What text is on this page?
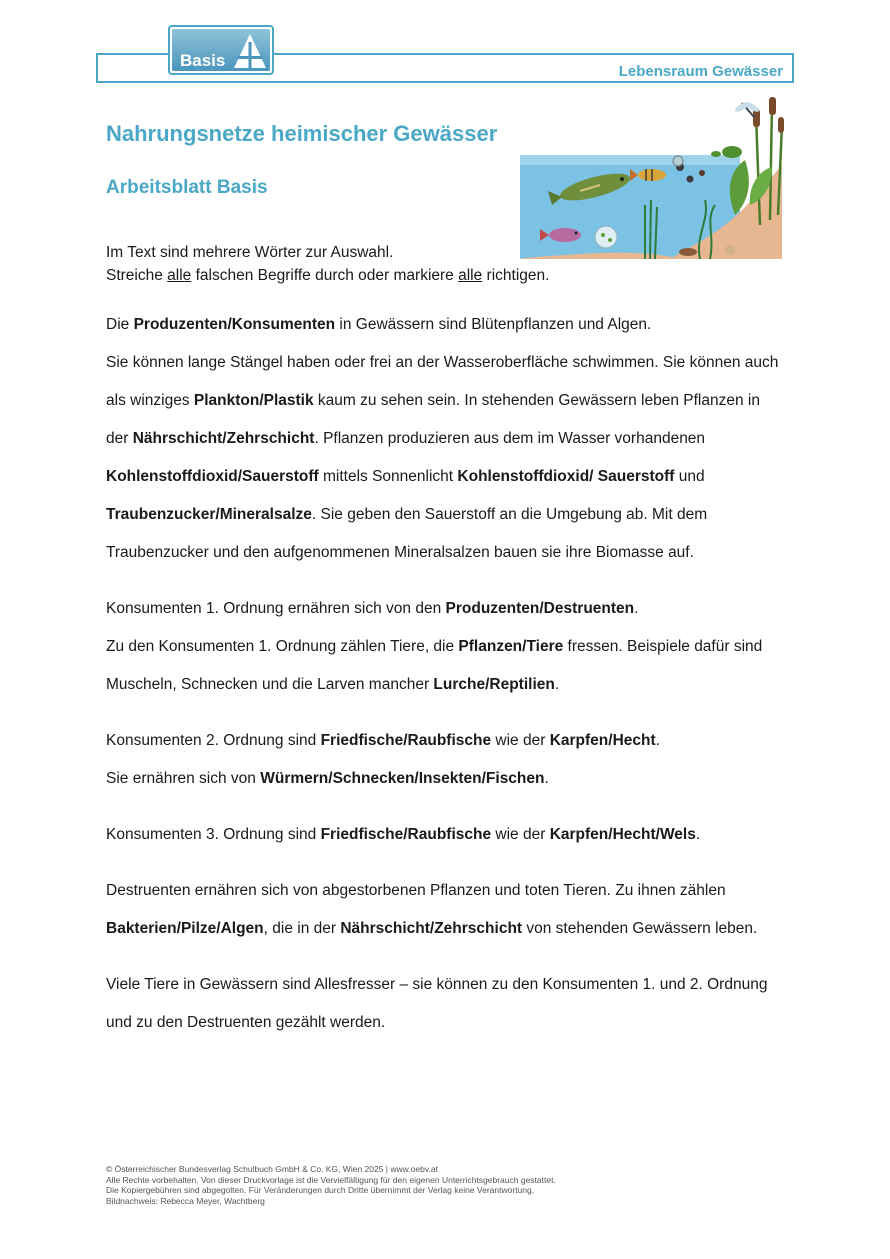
Basis
Lebensraum Gewässer
Nahrungsnetze heimischer Gewässer
Arbeitsblatt Basis

Im Text sind mehrere Wörter zur Auswahl.

Streiche alle falschen Begriffe durch oder markiere alle richtigen.

Die Produzenten/Konsumenten in Gewässern sind Blütenpflanzen und Algen.
Sie können lange Stängel haben oder frei an der Wasseroberfläche schwimmen. Sie können auch als winziges Plankton/Plastik kaum zu sehen sein. In stehenden Gewässern leben Pflanzen in der Nährschicht/Zehrschicht. Pflanzen produzieren aus dem im Wasser vorhandenen Kohlenstoffdioxid/Sauerstoff mittels Sonnenlicht Kohlenstoffdioxid/ Sauerstoff und Traubenzucker/Mineralsalze. Sie geben den Sauerstoff an die Umgebung ab. Mit dem Traubenzucker und den aufgenommenen Mineralsalzen bauen sie ihre Biomasse auf.

Konsumenten 1. Ordnung ernähren sich von den Produzenten/Destruenten.
Zu den Konsumenten 1. Ordnung zählen Tiere, die Pflanzen/Tiere fressen. Beispiele dafür sind Muscheln, Schnecken und die Larven mancher Lurche/Reptilien.

Konsumenten 2. Ordnung sind Friedfische/Raubfische wie der Karpfen/Hecht.
Sie ernähren sich von Würmern/Schnecken/Insekten/Fischen.

Konsumenten 3. Ordnung sind Friedfische/Raubfische wie der Karpfen/Hecht/Wels.

Destruenten ernähren sich von abgestorbenen Pflanzen und toten Tieren. Zu ihnen zählen Bakterien/Pilze/Algen, die in der Nährschicht/Zehrschicht von stehenden Gewässern leben.

Viele Tiere in Gewässern sind Allesfresser – sie können zu den Konsumenten 1. und 2. Ordnung und zu den Destruenten gezählt werden.

© Österreichischer Bundesverlag Schulbuch GmbH & Co. KG, Wien 2025 | www.oebv.at
Alle Rechte vorbehalten. Von dieser Druckvorlage ist die Vervielfältigung für den eigenen Unterrichtsgebrauch gestattet.
Die Kopiergebühren sind abgegolten. Für Veränderungen durch Dritte übernimmt der Verlag keine Verantwortung.
Bildnachweis: Rebecca Meyer, Wachtberg
